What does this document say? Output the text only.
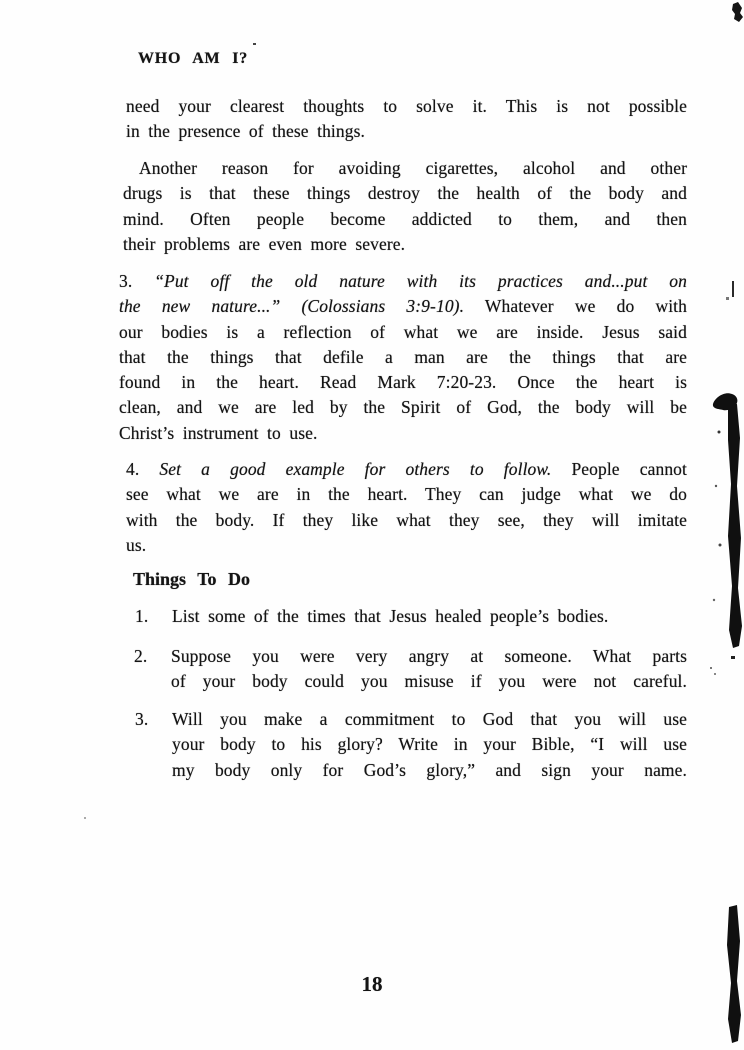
WHO AM I?
need your clearest thoughts to solve it. This is not possible
in the presence of these things.
Another reason for avoiding cigarettes, alcohol and other
drugs is that these things destroy the health of the body and
mind. Often people become addicted to them, and then
their problems are even more severe.
3. “Put off the old nature with its practices and...put on
the new nature...” (Colossians 3:9-10). Whatever we do with
our bodies is a reflection of what we are inside. Jesus said
that the things that defile a man are the things that are
found in the heart. Read Mark 7:20-23. Once the heart is
clean, and we are led by the Spirit of God, the body will be
Christ’s instrument to use.
4. Set a good example for others to follow. People cannot
see what we are in the heart. They can judge what we do
with the body. If they like what they see, they will imitate
us.
Things To Do
1. List some of the times that Jesus healed people’s bodies.
2. Suppose you were very angry at someone. What parts
of your body could you misuse if you were not careful.
3. Will you make a commitment to God that you will use
your body to his glory? Write in your Bible, “I will use
my body only for God’s glory,” and sign your name.
18
